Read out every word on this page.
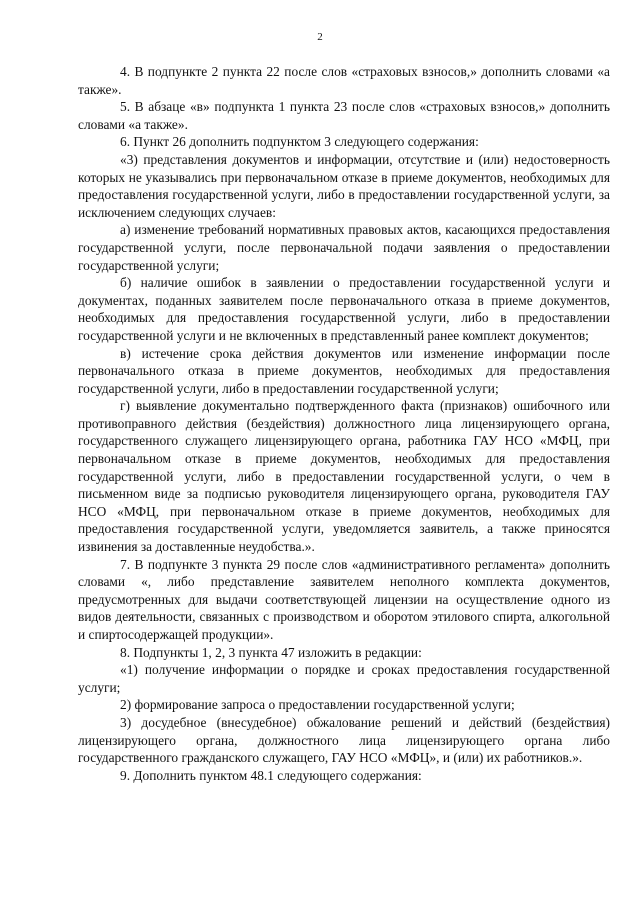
2

4. В подпункте 2 пункта 22 после слов «страховых взносов,» дополнить словами «а также».

5. В абзаце «в» подпункта 1 пункта 23 после слов «страховых взносов,» дополнить словами «а также».

6. Пункт 26 дополнить подпунктом 3 следующего содержания:

«3) представления документов и информации, отсутствие и (или) недостоверность которых не указывались при первоначальном отказе в приеме документов, необходимых для предоставления государственной услуги, либо в предоставлении государственной услуги, за исключением следующих случаев:

а) изменение требований нормативных правовых актов, касающихся предоставления государственной услуги, после первоначальной подачи заявления о предоставлении государственной услуги;

б) наличие ошибок в заявлении о предоставлении государственной услуги и документах, поданных заявителем после первоначального отказа в приеме документов, необходимых для предоставления государственной услуги, либо в предоставлении государственной услуги и не включенных в представленный ранее комплект документов;

в) истечение срока действия документов или изменение информации после первоначального отказа в приеме документов, необходимых для предоставления государственной услуги, либо в предоставлении государственной услуги;

г) выявление документально подтвержденного факта (признаков) ошибочного или противоправного действия (бездействия) должностного лица лицензирующего органа, государственного служащего лицензирующего органа, работника ГАУ НСО «МФЦ, при первоначальном отказе в приеме документов, необходимых для предоставления государственной услуги, либо в предоставлении государственной услуги, о чем в письменном виде за подписью руководителя лицензирующего органа, руководителя ГАУ НСО «МФЦ, при первоначальном отказе в приеме документов, необходимых для предоставления государственной услуги, уведомляется заявитель, а также приносятся извинения за доставленные неудобства.».

7. В подпункте 3 пункта 29 после слов «административного регламента» дополнить словами «, либо представление заявителем неполного комплекта документов, предусмотренных для выдачи соответствующей лицензии на осуществление одного из видов деятельности, связанных с производством и оборотом этилового спирта, алкогольной и спиртосодержащей продукции».

8. Подпункты 1, 2, 3 пункта 47 изложить в редакции:

«1) получение информации о порядке и сроках предоставления государственной услуги;

2) формирование запроса о предоставлении государственной услуги;

3) досудебное (внесудебное) обжалование решений и действий (бездействия) лицензирующего органа, должностного лица лицензирующего органа либо государственного гражданского служащего, ГАУ НСО «МФЦ», и (или) их работников.».

9. Дополнить пунктом 48.1 следующего содержания:
